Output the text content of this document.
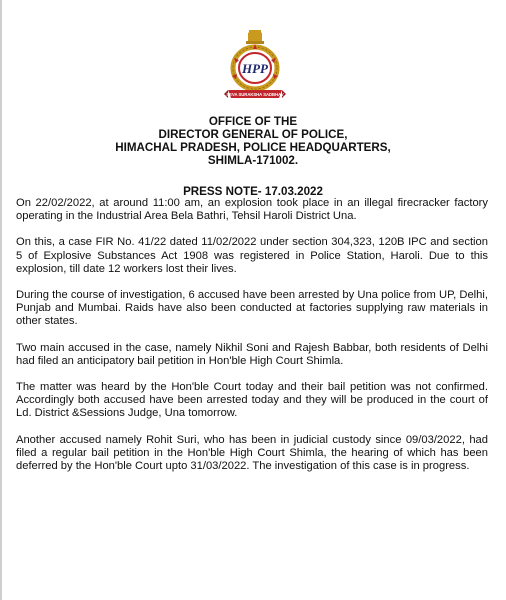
HPP
SEVA SURAKSHA SADBHAV
OFFICE OF THE
DIRECTOR GENERAL OF POLICE,
HIMACHAL PRADESH, POLICE HEADQUARTERS,
SHIMLA-171002.
PRESS NOTE- 17.03.2022

On 22/02/2022, at around 11:00 am, an explosion took place in an illegal firecracker factory operating in the Industrial Area Bela Bathri, Tehsil Haroli District Una.

On this, a case FIR No. 41/22 dated 11/02/2022 under section 304,323, 120B IPC and section 5 of Explosive Substances Act 1908 was registered in Police Station, Haroli. Due to this explosion, till date 12 workers lost their lives.

During the course of investigation, 6 accused have been arrested by Una police from UP, Delhi, Punjab and Mumbai. Raids have also been conducted at factories supplying raw materials in other states.

Two main accused in the case, namely Nikhil Soni and Rajesh Babbar, both residents of Delhi had filed an anticipatory bail petition in Hon'ble High Court Shimla.

The matter was heard by the Hon'ble Court today and their bail petition was not confirmed. Accordingly both accused have been arrested today and they will be produced in the court of Ld. District &Sessions Judge, Una tomorrow.

Another accused namely Rohit Suri, who has been in judicial custody since 09/03/2022, had filed a regular bail petition in the Hon'ble High Court Shimla, the hearing of which has been deferred by the Hon'ble Court upto 31/03/2022. The investigation of this case is in progress.
